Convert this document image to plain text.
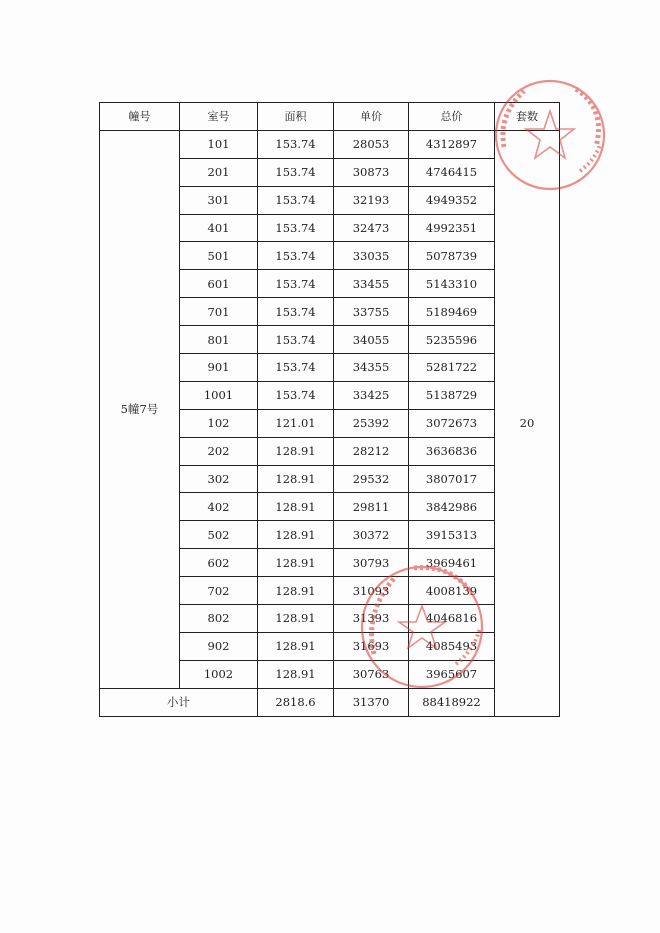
幢号	室号	面积	单价	总价	套数
5幢7号	101	153.74	28053	4312897	20
	201	153.74	30873	4746415	
	301	153.74	32193	4949352	
	401	153.74	32473	4992351	
	501	153.74	33035	5078739	
	601	153.74	33455	5143310	
	701	153.74	33755	5189469	
	801	153.74	34055	5235596	
	901	153.74	34355	5281722	
	1001	153.74	33425	5138729	
	102	121.01	25392	3072673	
	202	128.91	28212	3636836	
	302	128.91	29532	3807017	
	402	128.91	29811	3842986	
	502	128.91	30372	3915313	
	602	128.91	30793	3969461	
	702	128.91	31093	4008139	
	802	128.91	31393	4046816	
	902	128.91	31693	4085493	
	1002	128.91	30763	3965607	
小计		2818.6	31370	88418922	
